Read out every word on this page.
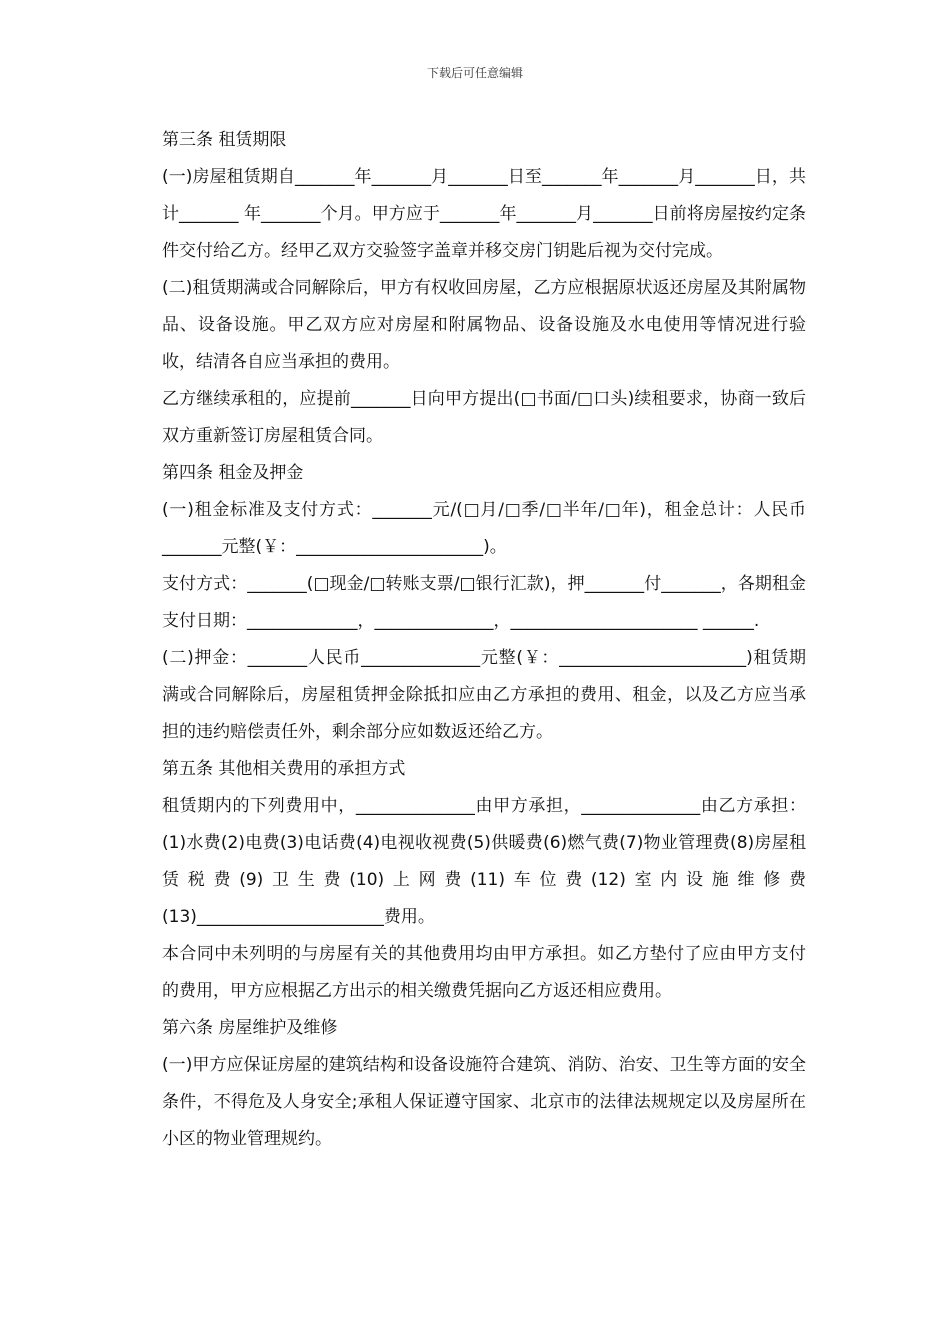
下载后可任意编辑

第三条 租赁期限

(一)房屋租赁期自_______年_______月_______日至_______年_______月_______日，共计_______ 年_______个月。甲方应于_______年_______月_______日前将房屋按约定条件交付给乙方。经甲乙双方交验签字盖章并移交房门钥匙后视为交付完成。

(二)租赁期满或合同解除后，甲方有权收回房屋，乙方应根据原状返还房屋及其附属物品、设备设施。甲乙双方应对房屋和附属物品、设备设施及水电使用等情况进行验收，结清各自应当承担的费用。

乙方继续承租的，应提前_______日向甲方提出(□书面/□口头)续租要求，协商一致后双方重新签订房屋租赁合同。

第四条 租金及押金

(一)租金标准及支付方式：_______元/(□月/□季/□半年/□年)，租金总计：人民币_______元整(￥：______________________)。

支付方式：_______(□现金/□转账支票/□银行汇款)，押_______付_______，各期租金支付日期：_____________，______________，______________________ ______.

(二)押金：_______人民币______________元整(￥：______________________)租赁期满或合同解除后，房屋租赁押金除抵扣应由乙方承担的费用、租金，以及乙方应当承担的违约赔偿责任外，剩余部分应如数返还给乙方。

第五条 其他相关费用的承担方式

租赁期内的下列费用中，______________由甲方承担，______________由乙方承担：(1)水费(2)电费(3)电话费(4)电视收视费(5)供暖费(6)燃气费(7)物业管理费(8)房屋租赁税费(9)卫生费(10)上网费(11)车位费(12)室内设施维修费(13)______________________费用。

本合同中未列明的与房屋有关的其他费用均由甲方承担。如乙方垫付了应由甲方支付的费用，甲方应根据乙方出示的相关缴费凭据向乙方返还相应费用。

第六条 房屋维护及维修

(一)甲方应保证房屋的建筑结构和设备设施符合建筑、消防、治安、卫生等方面的安全条件，不得危及人身安全;承租人保证遵守国家、北京市的法律法规规定以及房屋所在小区的物业管理规约。
